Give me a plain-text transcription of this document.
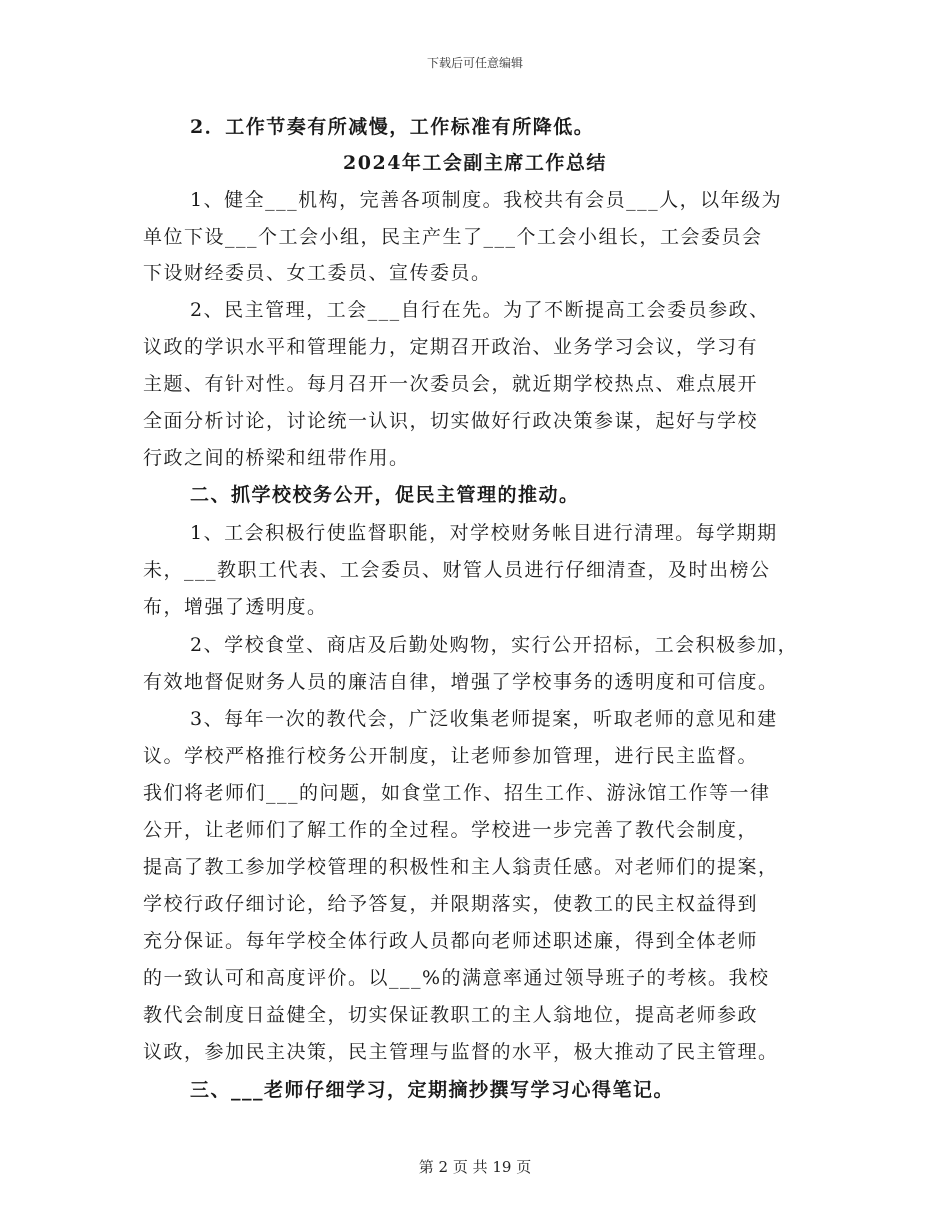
下载后可任意编辑
2．工作节奏有所减慢，工作标准有所降低。
2024年工会副主席工作总结
1、健全___机构，完善各项制度。我校共有会员___人，以年级为
单位下设___个工会小组，民主产生了___个工会小组长，工会委员会
下设财经委员、女工委员、宣传委员。
2、民主管理，工会___自行在先。为了不断提高工会委员参政、
议政的学识水平和管理能力，定期召开政治、业务学习会议，学习有
主题、有针对性。每月召开一次委员会，就近期学校热点、难点展开
全面分析讨论，讨论统一认识，切实做好行政决策参谋，起好与学校
行政之间的桥梁和纽带作用。
二、抓学校校务公开，促民主管理的推动。
1、工会积极行使监督职能，对学校财务帐目进行清理。每学期期
未，___教职工代表、工会委员、财管人员进行仔细清查，及时出榜公
布，增强了透明度。
2、学校食堂、商店及后勤处购物，实行公开招标，工会积极参加，
有效地督促财务人员的廉洁自律，增强了学校事务的透明度和可信度。
3、每年一次的教代会，广泛收集老师提案，听取老师的意见和建
议。学校严格推行校务公开制度，让老师参加管理，进行民主监督。
我们将老师们___的问题，如食堂工作、招生工作、游泳馆工作等一律
公开，让老师们了解工作的全过程。学校进一步完善了教代会制度，
提高了教工参加学校管理的积极性和主人翁责任感。对老师们的提案，
学校行政仔细讨论，给予答复，并限期落实，使教工的民主权益得到
充分保证。每年学校全体行政人员都向老师述职述廉，得到全体老师
的一致认可和高度评价。以___%的满意率通过领导班子的考核。我校
教代会制度日益健全，切实保证教职工的主人翁地位，提高老师参政
议政，参加民主决策，民主管理与监督的水平，极大推动了民主管理。
三、___老师仔细学习，定期摘抄撰写学习心得笔记。
第 2 页 共 19 页
